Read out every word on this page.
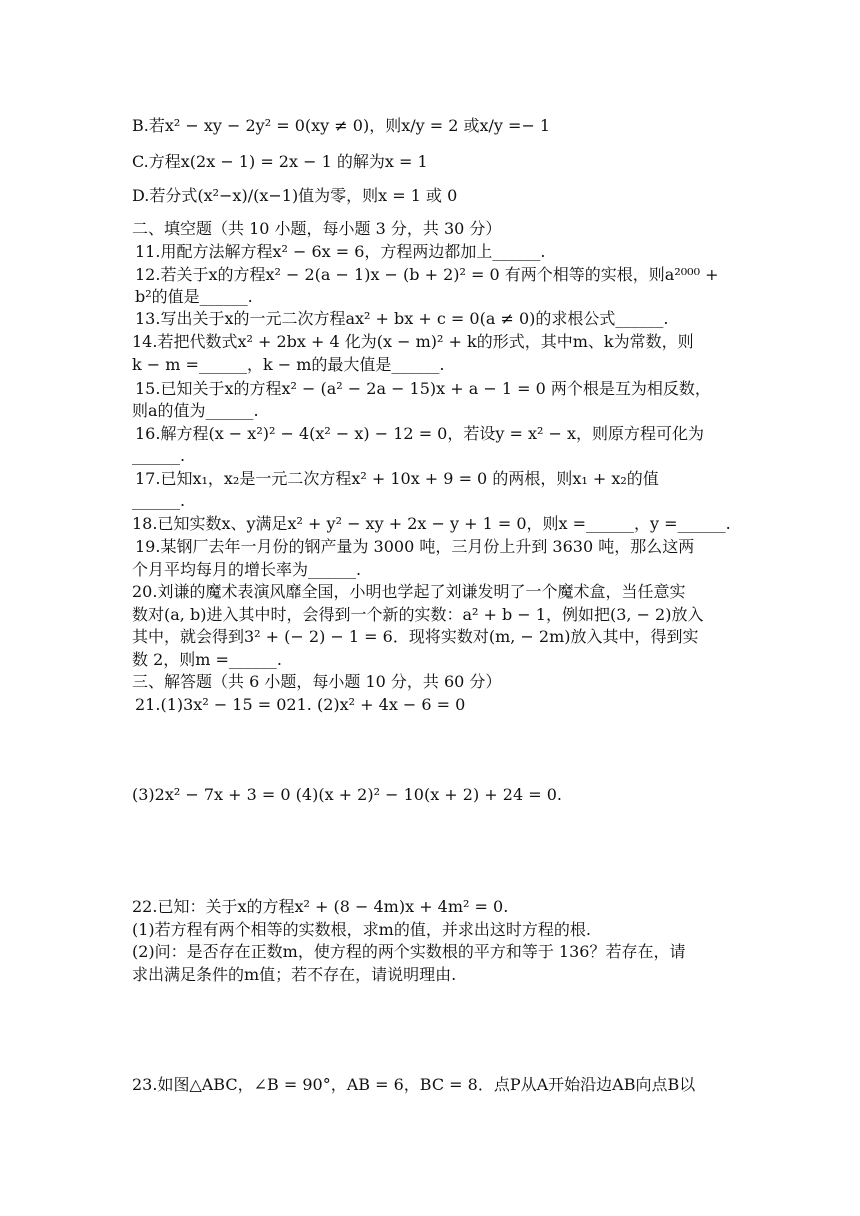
B.若x² − xy − 2y² = 0(xy ≠ 0)，则x/y = 2 或x/y =− 1
C.方程x(2x − 1) = 2x − 1 的解为x = 1
D.若分式(x²−x)/(x−1)值为零，则x = 1 或 0
二、填空题（共 10 小题，每小题 3 分，共 30 分）
11.用配方法解方程x² − 6x = 6，方程两边都加上______.
12.若关于x的方程x² − 2(a − 1)x − (b + 2)² = 0 有两个相等的实根，则a²⁰⁰⁰ +
b²的值是______.
13.写出关于x的一元二次方程ax² + bx + c = 0(a ≠ 0)的求根公式______.
14.若把代数式x² + 2bx + 4 化为(x − m)² + k的形式，其中m、k为常数，则
k − m =______，k − m的最大值是______.
15.已知关于x的方程x² − (a² − 2a − 15)x + a − 1 = 0 两个根是互为相反数，
则a的值为______.
16.解方程(x − x²)² − 4(x² − x) − 12 = 0，若设y = x² − x，则原方程可化为
______.
17.已知x₁，x₂是一元二次方程x² + 10x + 9 = 0 的两根，则x₁ + x₂的值
______.
18.已知实数x、y满足x² + y² − xy + 2x − y + 1 = 0，则x =______，y =______.
19.某钢厂去年一月份的钢产量为 3000 吨，三月份上升到 3630 吨，那么这两
个月平均每月的增长率为______.
20.刘谦的魔术表演风靡全国，小明也学起了刘谦发明了一个魔术盒，当任意实
数对(a, b)进入其中时，会得到一个新的实数：a² + b − 1，例如把(3, − 2)放入
其中，就会得到3² + (− 2) − 1 = 6．现将实数对(m, − 2m)放入其中，得到实
数 2，则m =______.
三、解答题（共 6 小题，每小题 10 分，共 60 分）
21.(1)3x² − 15 = 021. (2)x² + 4x − 6 = 0
(3)2x² − 7x + 3 = 0 (4)(x + 2)² − 10(x + 2) + 24 = 0.
22.已知：关于x的方程x² + (8 − 4m)x + 4m² = 0.
(1)若方程有两个相等的实数根，求m的值，并求出这时方程的根.
(2)问：是否存在正数m，使方程的两个实数根的平方和等于 136？若存在，请
求出满足条件的m值；若不存在，请说明理由.
23.如图△ABC，∠B = 90°，AB = 6，BC = 8．点P从A开始沿边AB向点B以
